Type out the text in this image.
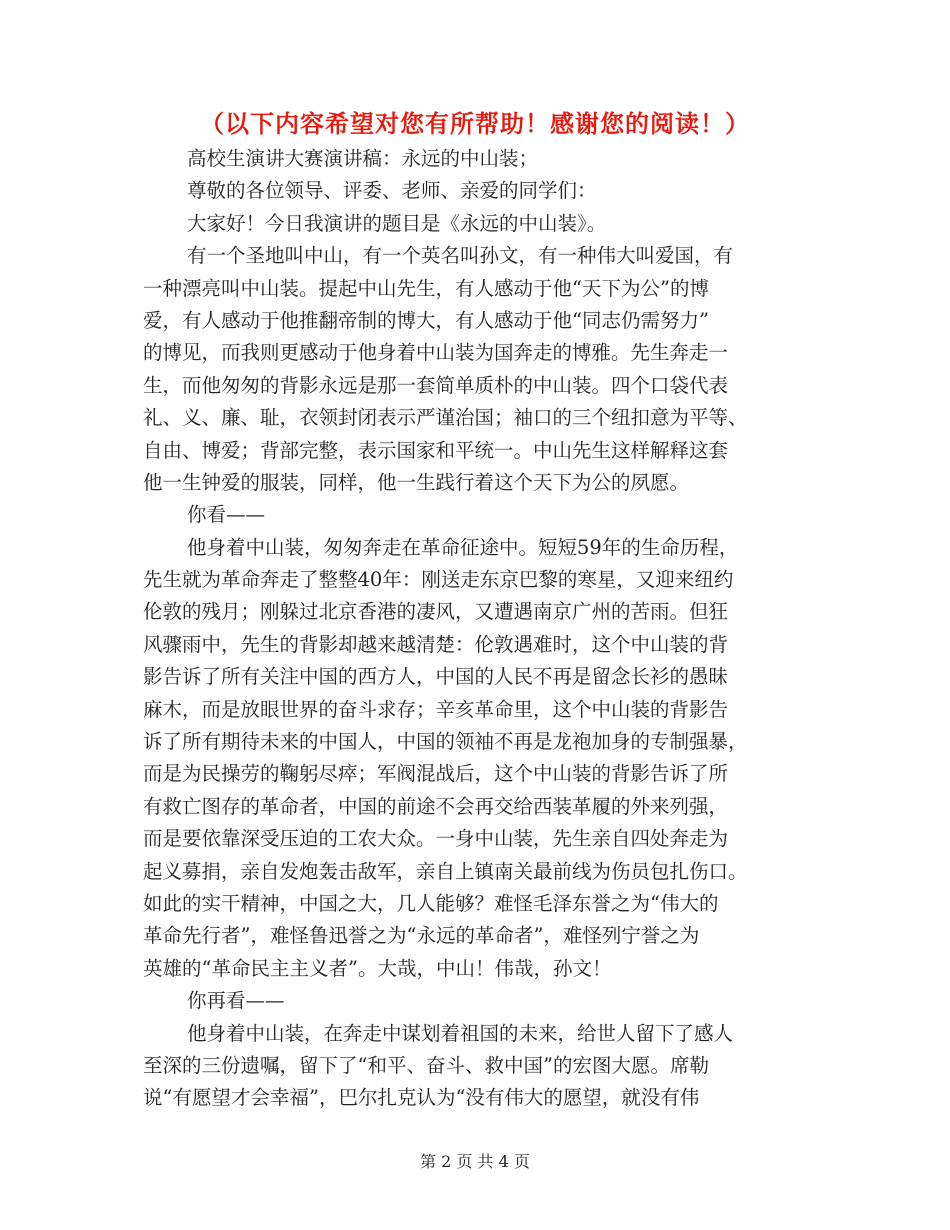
（以下内容希望对您有所帮助！感谢您的阅读！）
高校生演讲大赛演讲稿：永远的中山装；
尊敬的各位领导、评委、老师、亲爱的同学们：
大家好！今日我演讲的题目是《永远的中山装》。
有一个圣地叫中山，有一个英名叫孙文，有一种伟大叫爱国，有
一种漂亮叫中山装。提起中山先生，有人感动于他“天下为公”的博
爱，有人感动于他推翻帝制的博大，有人感动于他“同志仍需努力”
的博见，而我则更感动于他身着中山装为国奔走的博雅。先生奔走一
生，而他匆匆的背影永远是那一套简单质朴的中山装。四个口袋代表
礼、义、廉、耻，衣领封闭表示严谨治国；袖口的三个纽扣意为平等、
自由、博爱；背部完整，表示国家和平统一。中山先生这样解释这套
他一生钟爱的服装，同样，他一生践行着这个天下为公的夙愿。
你看——
他身着中山装，匆匆奔走在革命征途中。短短59年的生命历程，
先生就为革命奔走了整整40年：刚送走东京巴黎的寒星，又迎来纽约
伦敦的残月；刚躲过北京香港的凄风，又遭遇南京广州的苦雨。但狂
风骤雨中，先生的背影却越来越清楚：伦敦遇难时，这个中山装的背
影告诉了所有关注中国的西方人，中国的人民不再是留念长衫的愚昧
麻木，而是放眼世界的奋斗求存；辛亥革命里，这个中山装的背影告
诉了所有期待未来的中国人，中国的领袖不再是龙袍加身的专制强暴，
而是为民操劳的鞠躬尽瘁；军阀混战后，这个中山装的背影告诉了所
有救亡图存的革命者，中国的前途不会再交给西装革履的外来列强，
而是要依靠深受压迫的工农大众。一身中山装，先生亲自四处奔走为
起义募捐，亲自发炮轰击敌军，亲自上镇南关最前线为伤员包扎伤口。
如此的实干精神，中国之大，几人能够？难怪毛泽东誉之为“伟大的
革命先行者”，难怪鲁迅誉之为“永远的革命者”，难怪列宁誉之为
英雄的“革命民主主义者”。大哉，中山！伟哉，孙文！
你再看——
他身着中山装，在奔走中谋划着祖国的未来，给世人留下了感人
至深的三份遗嘱，留下了“和平、奋斗、救中国”的宏图大愿。席勒
说“有愿望才会幸福”，巴尔扎克认为“没有伟大的愿望，就没有伟
第 2 页 共 4 页
